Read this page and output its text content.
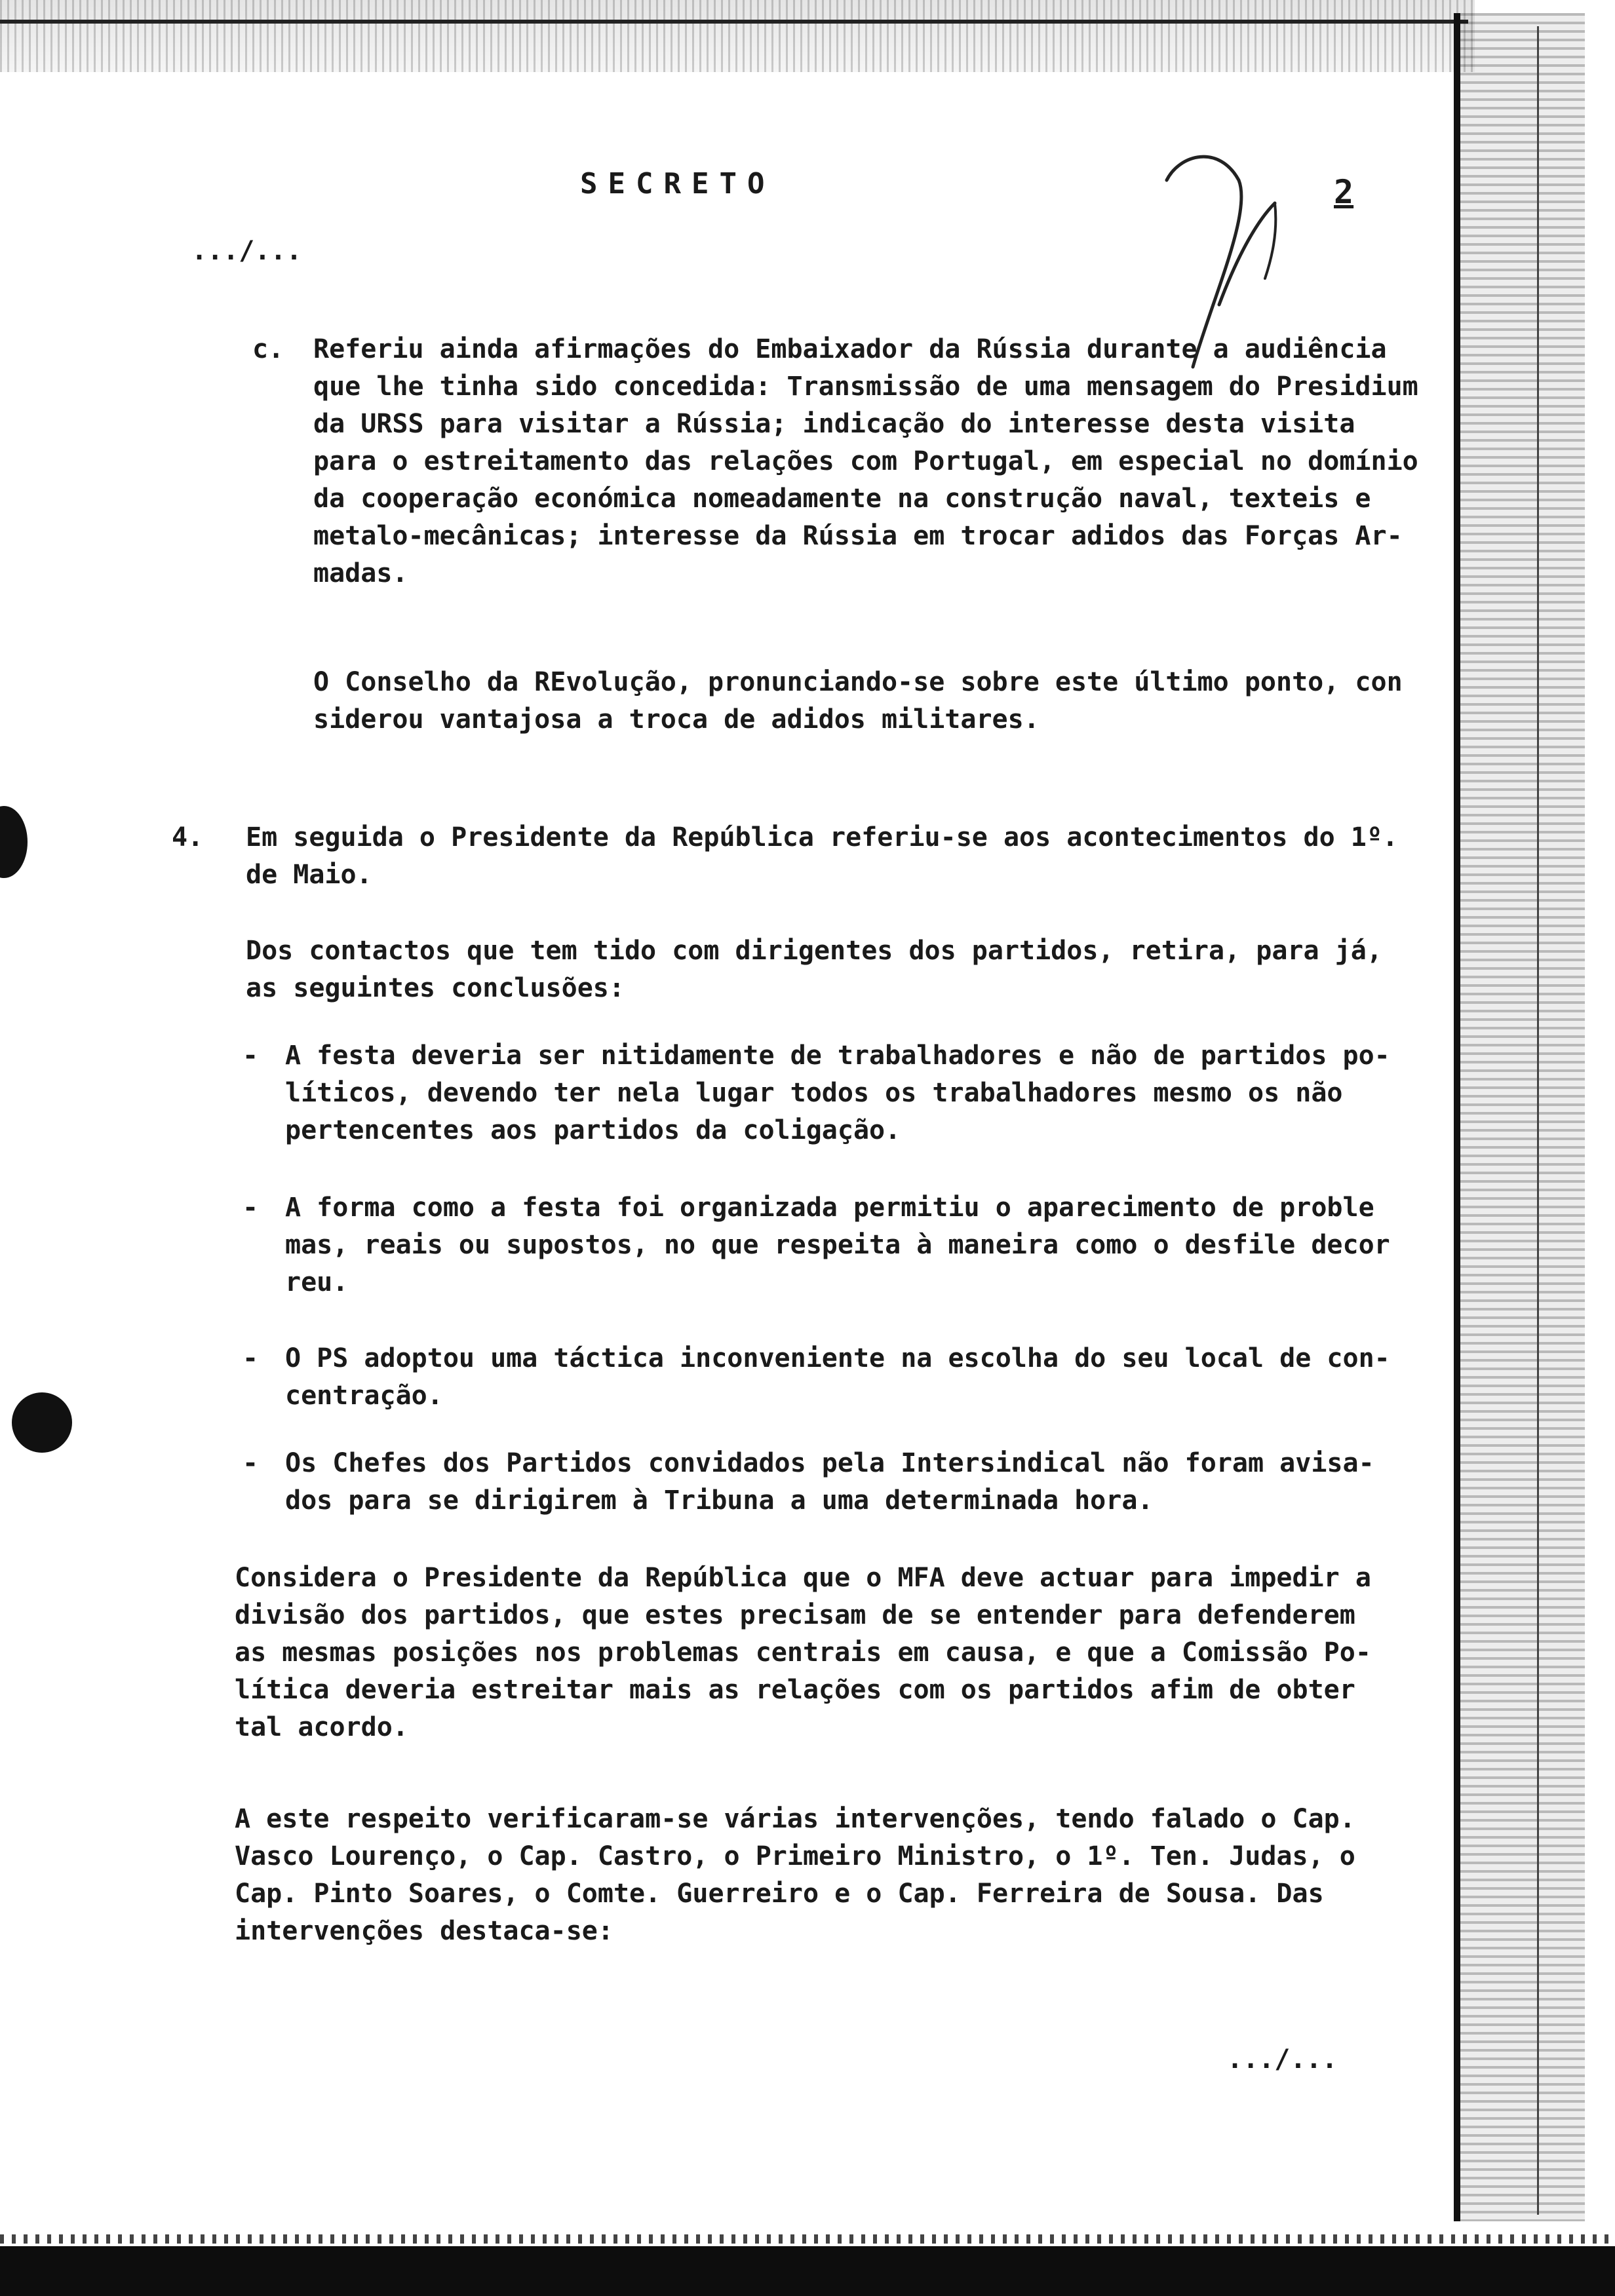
SECRETO	2
.../...
c. Referiu ainda afirmações do Embaixador da Rússia durante a audiência
que lhe tinha sido concedida: Transmissão de uma mensagem do Presidium
da URSS para visitar a Rússia; indicação do interesse desta visita
para o estreitamento das relações com Portugal, em especial no domínio
da cooperação económica nomeadamente na construção naval, texteis e
metalo-mecânicas; interesse da Rússia em trocar adidos das Forças Ar-
madas.
O Conselho da REvolução, pronunciando-se sobre este último ponto, con
siderou vantajosa a troca de adidos militares.
4. Em seguida o Presidente da República referiu-se aos acontecimentos do 1º.
de Maio.
Dos contactos que tem tido com dirigentes dos partidos, retira, para já,
as seguintes conclusões:
- A festa deveria ser nitidamente de trabalhadores e não de partidos po-
líticos, devendo ter nela lugar todos os trabalhadores mesmo os não
pertencentes aos partidos da coligação.
- A forma como a festa foi organizada permitiu o aparecimento de proble
mas, reais ou supostos, no que respeita à maneira como o desfile decor
reu.
- O PS adoptou uma táctica inconveniente na escolha do seu local de con-
centração.
- Os Chefes dos Partidos convidados pela Intersindical não foram avisa-
dos para se dirigirem à Tribuna a uma determinada hora.
Considera o Presidente da República que o MFA deve actuar para impedir a
divisão dos partidos, que estes precisam de se entender para defenderem
as mesmas posições nos problemas centrais em causa, e que a Comissão Po-
lítica deveria estreitar mais as relações com os partidos afim de obter
tal acordo.
A este respeito verificaram-se várias intervenções, tendo falado o Cap.
Vasco Lourenço, o Cap. Castro, o Primeiro Ministro, o 1º. Ten. Judas, o
Cap. Pinto Soares, o Comte. Guerreiro e o Cap. Ferreira de Sousa. Das
intervenções destaca-se:
.../...
